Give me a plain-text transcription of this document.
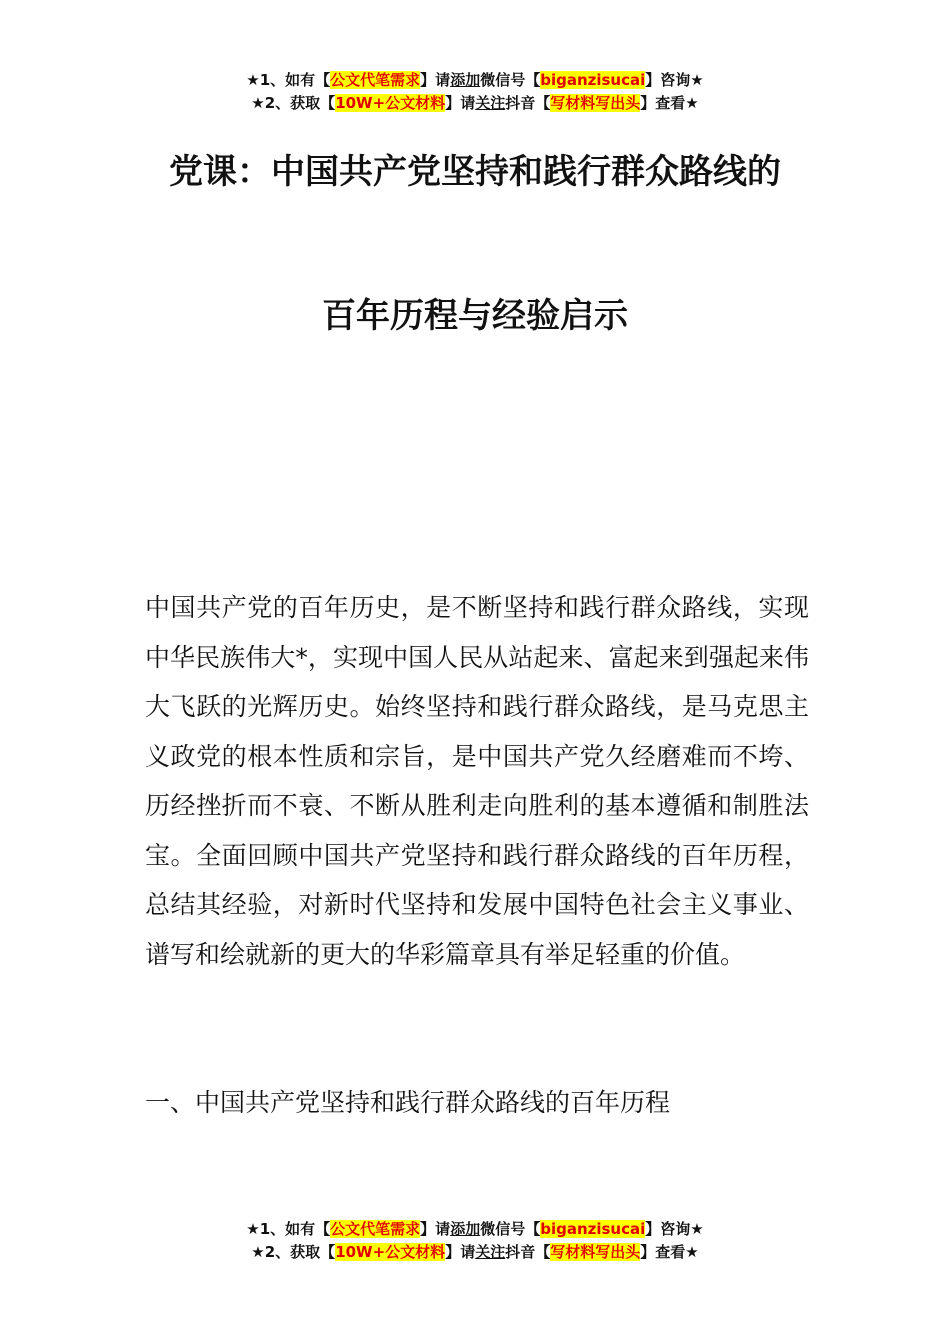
★1、如有【公文代笔需求】请添加微信号【biganzisucai】咨询★
★2、获取【10W+公文材料】请关注抖音【写材料写出头】查看★
党课：中国共产党坚持和践行群众路线的
百年历程与经验启示
中国共产党的百年历史，是不断坚持和践行群众路线，实现中华民族伟大*，实现中国人民从站起来、富起来到强起来伟大飞跃的光辉历史。始终坚持和践行群众路线，是马克思主义政党的根本性质和宗旨，是中国共产党久经磨难而不垮、历经挫折而不衰、不断从胜利走向胜利的基本遵循和制胜法宝。全面回顾中国共产党坚持和践行群众路线的百年历程，总结其经验，对新时代坚持和发展中国特色社会主义事业、谱写和绘就新的更大的华彩篇章具有举足轻重的价值。
一、中国共产党坚持和践行群众路线的百年历程
★1、如有【公文代笔需求】请添加微信号【biganzisucai】咨询★
★2、获取【10W+公文材料】请关注抖音【写材料写出头】查看★
